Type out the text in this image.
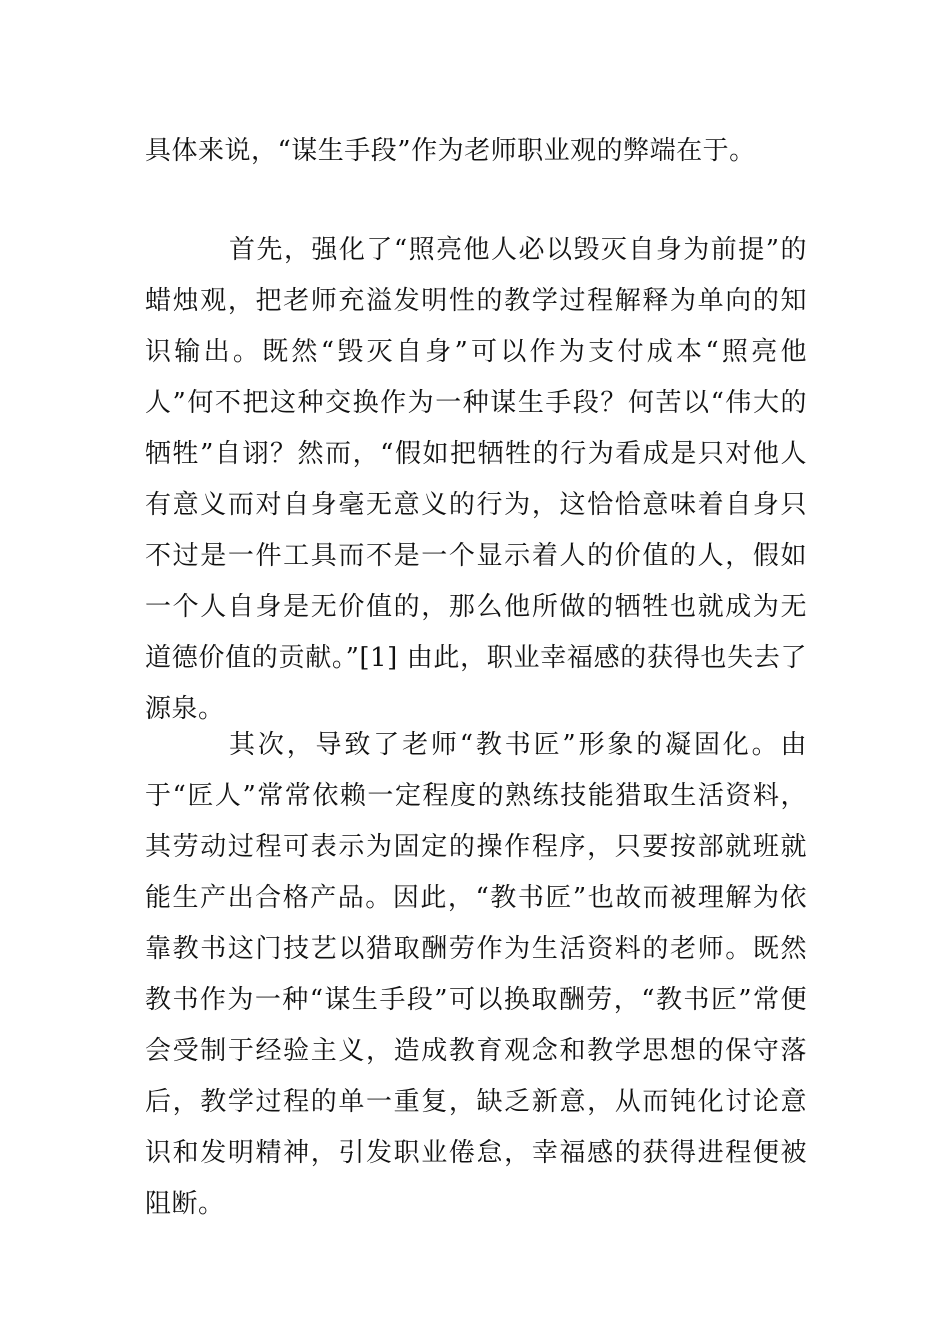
具体来说，“谋生手段”作为老师职业观的弊端在于。

首先，强化了“照亮他人必以毁灭自身为前提”的蜡烛观，把老师充溢发明性的教学过程解释为单向的知识输出。既然“毁灭自身”可以作为支付成本“照亮他人”何不把这种交换作为一种谋生手段？何苦以“伟大的牺牲”自诩？然而，“假如把牺牲的行为看成是只对他人有意义而对自身毫无意义的行为，这恰恰意味着自身只不过是一件工具而不是一个显示着人的价值的人，假如一个人自身是无价值的，那么他所做的牺牲也就成为无道德价值的贡献。”[1] 由此，职业幸福感的获得也失去了源泉。

其次，导致了老师“教书匠”形象的凝固化。由于“匠人”常常依赖一定程度的熟练技能猎取生活资料，其劳动过程可表示为固定的操作程序，只要按部就班就能生产出合格产品。因此，“教书匠”也故而被理解为依靠教书这门技艺以猎取酬劳作为生活资料的老师。既然教书作为一种“谋生手段”可以换取酬劳，“教书匠”常便会受制于经验主义，造成教育观念和教学思想的保守落后，教学过程的单一重复，缺乏新意，从而钝化讨论意识和发明精神，引发职业倦怠，幸福感的获得进程便被阻断。
